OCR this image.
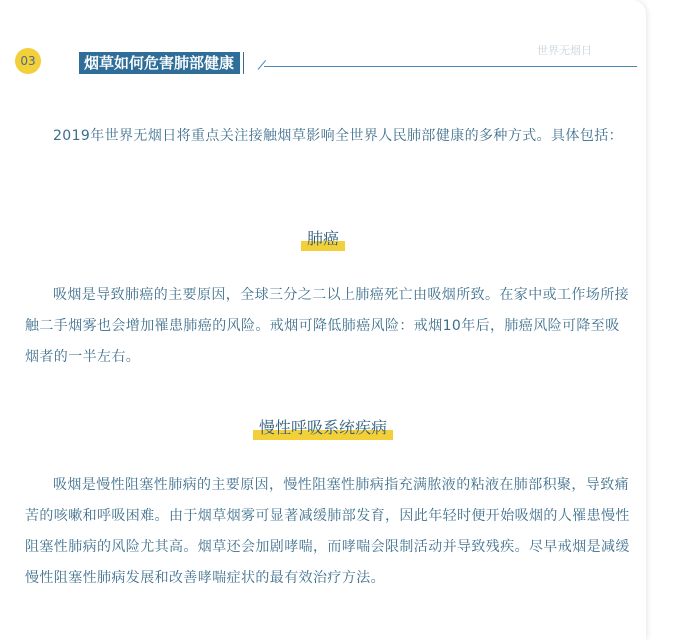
03	烟草如何危害肺部健康
世界无烟日

2019年世界无烟日将重点关注接触烟草影响全世界人民肺部健康的多种方式。具体包括：

肺癌

吸烟是导致肺癌的主要原因，全球三分之二以上肺癌死亡由吸烟所致。在家中或工作场所接触二手烟雾也会增加罹患肺癌的风险。戒烟可降低肺癌风险：戒烟10年后，肺癌风险可降至吸烟者的一半左右。

慢性呼吸系统疾病

吸烟是慢性阻塞性肺病的主要原因，慢性阻塞性肺病指充满脓液的粘液在肺部积聚，导致痛苦的咳嗽和呼吸困难。由于烟草烟雾可显著减缓肺部发育，因此年轻时便开始吸烟的人罹患慢性阻塞性肺病的风险尤其高。烟草还会加剧哮喘，而哮喘会限制活动并导致残疾。尽早戒烟是减缓慢性阻塞性肺病发展和改善哮喘症状的最有效治疗方法。
